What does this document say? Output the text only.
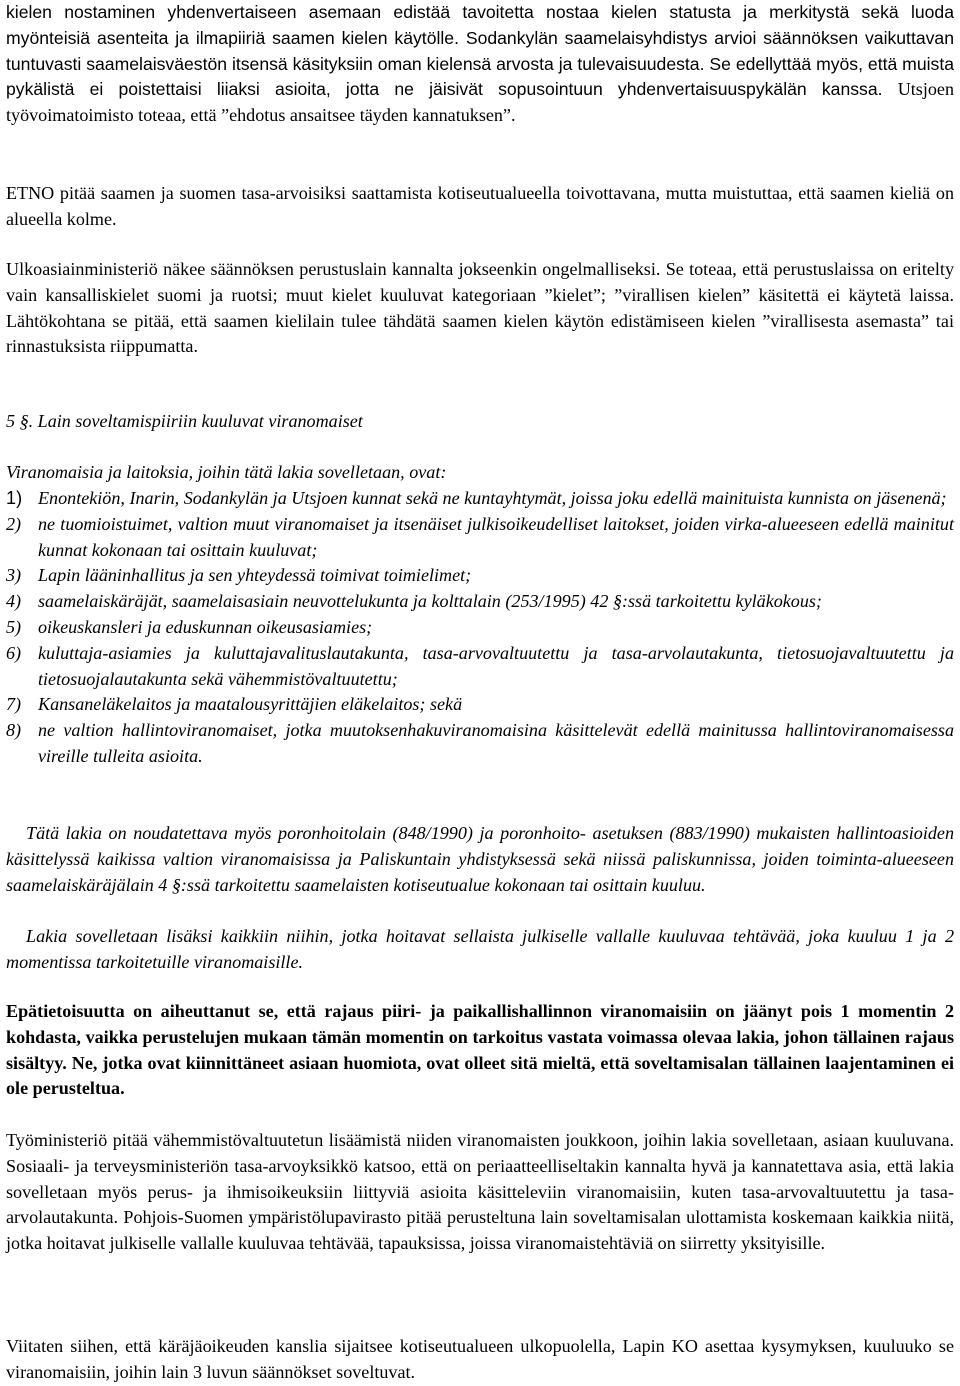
kielen nostaminen yhdenvertaiseen asemaan edistää tavoitetta nostaa kielen statusta ja merkitystä sekä luoda myönteisiä asenteita ja ilmapiiriä saamen kielen käytölle. Sodankylän saamelaisyhdistys arvioi säännöksen vaikuttavan tuntuvasti saamelaisväestön itsensä käsityksiin oman kielensä arvosta ja tulevaisuudesta. Se edellyttää myös, että muista pykälistä ei poistettaisi liiaksi asioita, jotta ne jäisivät sopusointuun yhdenvertaisuuspykälän kanssa. Utsjoen työvoimatoimisto toteaa, että ”ehdotus ansaitsee täyden kannatuksen”.

ETNO pitää saamen ja suomen tasa-arvoisiksi saattamista kotiseutualueella toivottavana, mutta muistuttaa, että saamen kieliä on alueella kolme.

Ulkoasiainministeriö näkee säännöksen perustuslain kannalta jokseenkin ongelmalliseksi. Se toteaa, että perustuslaissa on eritelty vain kansalliskielet suomi ja ruotsi; muut kielet kuuluvat kategoriaan ”kielet”; ”virallisen kielen” käsitettä ei käytetä laissa. Lähtökohtana se pitää, että saamen kielilain tulee tähdätä saamen kielen käytön edistämiseen kielen ”virallisesta asemasta” tai rinnastuksista riippumatta.

5 §. Lain soveltamispiiriin kuuluvat viranomaiset

Viranomaisia ja laitoksia, joihin tätä lakia sovelletaan, ovat:

1) Enontekiön, Inarin, Sodankylän ja Utsjoen kunnat sekä ne kuntayhtymät, joissa joku edellä mainituista kunnista on jäsenenä;
2) ne tuomioistuimet, valtion muut viranomaiset ja itsenäiset julkisoikeudelliset laitokset, joiden virka-alueeseen edellä mainitut kunnat kokonaan tai osittain kuuluvat;
3) Lapin lääninhallitus ja sen yhteydessä toimivat toimielimet;
4) saamelaiskäräjät, saamelaisasiain neuvottelukunta ja kolttalain (253/1995) 42 §:ssä tarkoitettu kyläkokous;
5) oikeuskansleri ja eduskunnan oikeusasiamies;
6) kuluttaja-asiamies ja kuluttajavalituslautakunta, tasa-arvovaltuutettu ja tasa-arvolautakunta, tietosuojavaltuutettu ja tietosuojalautakunta sekä vähemmistövaltuutettu;
7) Kansaneläkelaitos ja maatalousyrittäjien eläkelaitos; sekä
8) ne valtion hallintoviranomaiset, jotka muutoksenhakuviranomaisina käsittelevät edellä mainitussa hallintoviranomaisessa vireille tulleita asioita.

Tätä lakia on noudatettava myös poronhoitolain (848/1990) ja poronhoito- asetuksen (883/1990) mukaisten hallintoasioiden käsittelyssä kaikissa valtion viranomaisissa ja Paliskuntain yhdistyksessä sekä niissä paliskunnissa, joiden toiminta-alueeseen saamelaiskäräjälain 4 §:ssä tarkoitettu saamelaisten kotiseutualue kokonaan tai osittain kuuluu.

Lakia sovelletaan lisäksi kaikkiin niihin, jotka hoitavat sellaista julkiselle vallalle kuuluvaa tehtävää, joka kuuluu 1 ja 2 momentissa tarkoitetuille viranomaisille.

Epätietoisuutta on aiheuttanut se, että rajaus piiri- ja paikallishallinnon viranomaisiin on jäänyt pois 1 momentin 2 kohdasta, vaikka perustelujen mukaan tämän momentin on tarkoitus vastata voimassa olevaa lakia, johon tällainen rajaus sisältyy. Ne, jotka ovat kiinnittäneet asiaan huomiota, ovat olleet sitä mieltä, että soveltamisalan tällainen laajentaminen ei ole perusteltua.

Työministeriö pitää vähemmistövaltuutetun lisäämistä niiden viranomaisten joukkoon, joihin lakia sovelletaan, asiaan kuuluvana. Sosiaali- ja terveysministeriön tasa-arvoyksikkö katsoo, että on periaatteelliseltakin kannalta hyvä ja kannatettava asia, että lakia sovelletaan myös perus- ja ihmisoikeuksiin liittyviä asioita käsitteleviin viranomaisiin, kuten tasa-arvovaltuutettu ja tasa-arvolautakunta. Pohjois-Suomen ympäristölupavirasto pitää perusteltuna lain soveltamisalan ulottamista koskemaan kaikkia niitä, jotka hoitavat julkiselle vallalle kuuluvaa tehtävää, tapauksissa, joissa viranomaistehtäviä on siirretty yksityisille.

Viitaten siihen, että käräjäoikeuden kanslia sijaitsee kotiseutualueen ulkopuolella, Lapin KO asettaa kysymyksen, kuuluuko se viranomaisiin, joihin lain 3 luvun säännökset soveltuvat.
